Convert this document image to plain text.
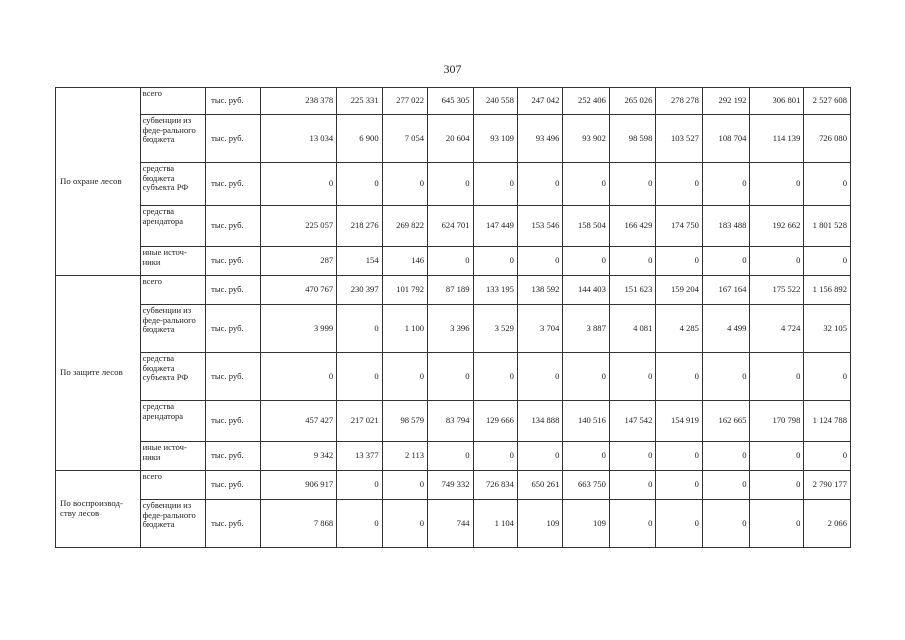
307
По охране лесов	всего	тыс. руб.	238 378	225 331	277 022	645 305	240 558	247 042	252 406	265 026	278 278	292 192	306 801	2 527 608
	субвенции из феде-рального бюджета	тыс. руб.	13 034	6 900	7 054	20 604	93 109	93 496	93 902	98 598	103 527	108 704	114 139	726 080
	средства бюджета субъекта РФ	тыс. руб.	0	0	0	0	0	0	0	0	0	0	0	0
	средства арендатора	тыс. руб.	225 057	218 276	269 822	624 701	147 449	153 546	158 504	166 429	174 750	183 488	192 662	1 801 528
	иные источ-ники	тыс. руб.	287	154	146	0	0	0	0	0	0	0	0	0
По защите лесов	всего	тыс. руб.	470 767	230 397	101 792	87 189	133 195	138 592	144 403	151 623	159 204	167 164	175 522	1 156 892
	субвенции из феде-рального бюджета	тыс. руб.	3 999	0	1 100	3 396	3 529	3 704	3 887	4 081	4 285	4 499	4 724	32 105
	средства бюджета субъекта РФ	тыс. руб.	0	0	0	0	0	0	0	0	0	0	0	0
	средства арендатора	тыс. руб.	457 427	217 021	98 579	83 794	129 666	134 888	140 516	147 542	154 919	162 665	170 798	1 124 788
	иные источ-ники	тыс. руб.	9 342	13 377	2 113	0	0	0	0	0	0	0	0	0
По воспроизвод-ству лесов	всего	тыс. руб.	906 917	0	0	749 332	726 834	650 261	663 750	0	0	0	0	2 790 177
	субвенции из феде-рального бюджета	тыс. руб.	7 868	0	0	744	1 104	109	109	0	0	0	0	2 066
